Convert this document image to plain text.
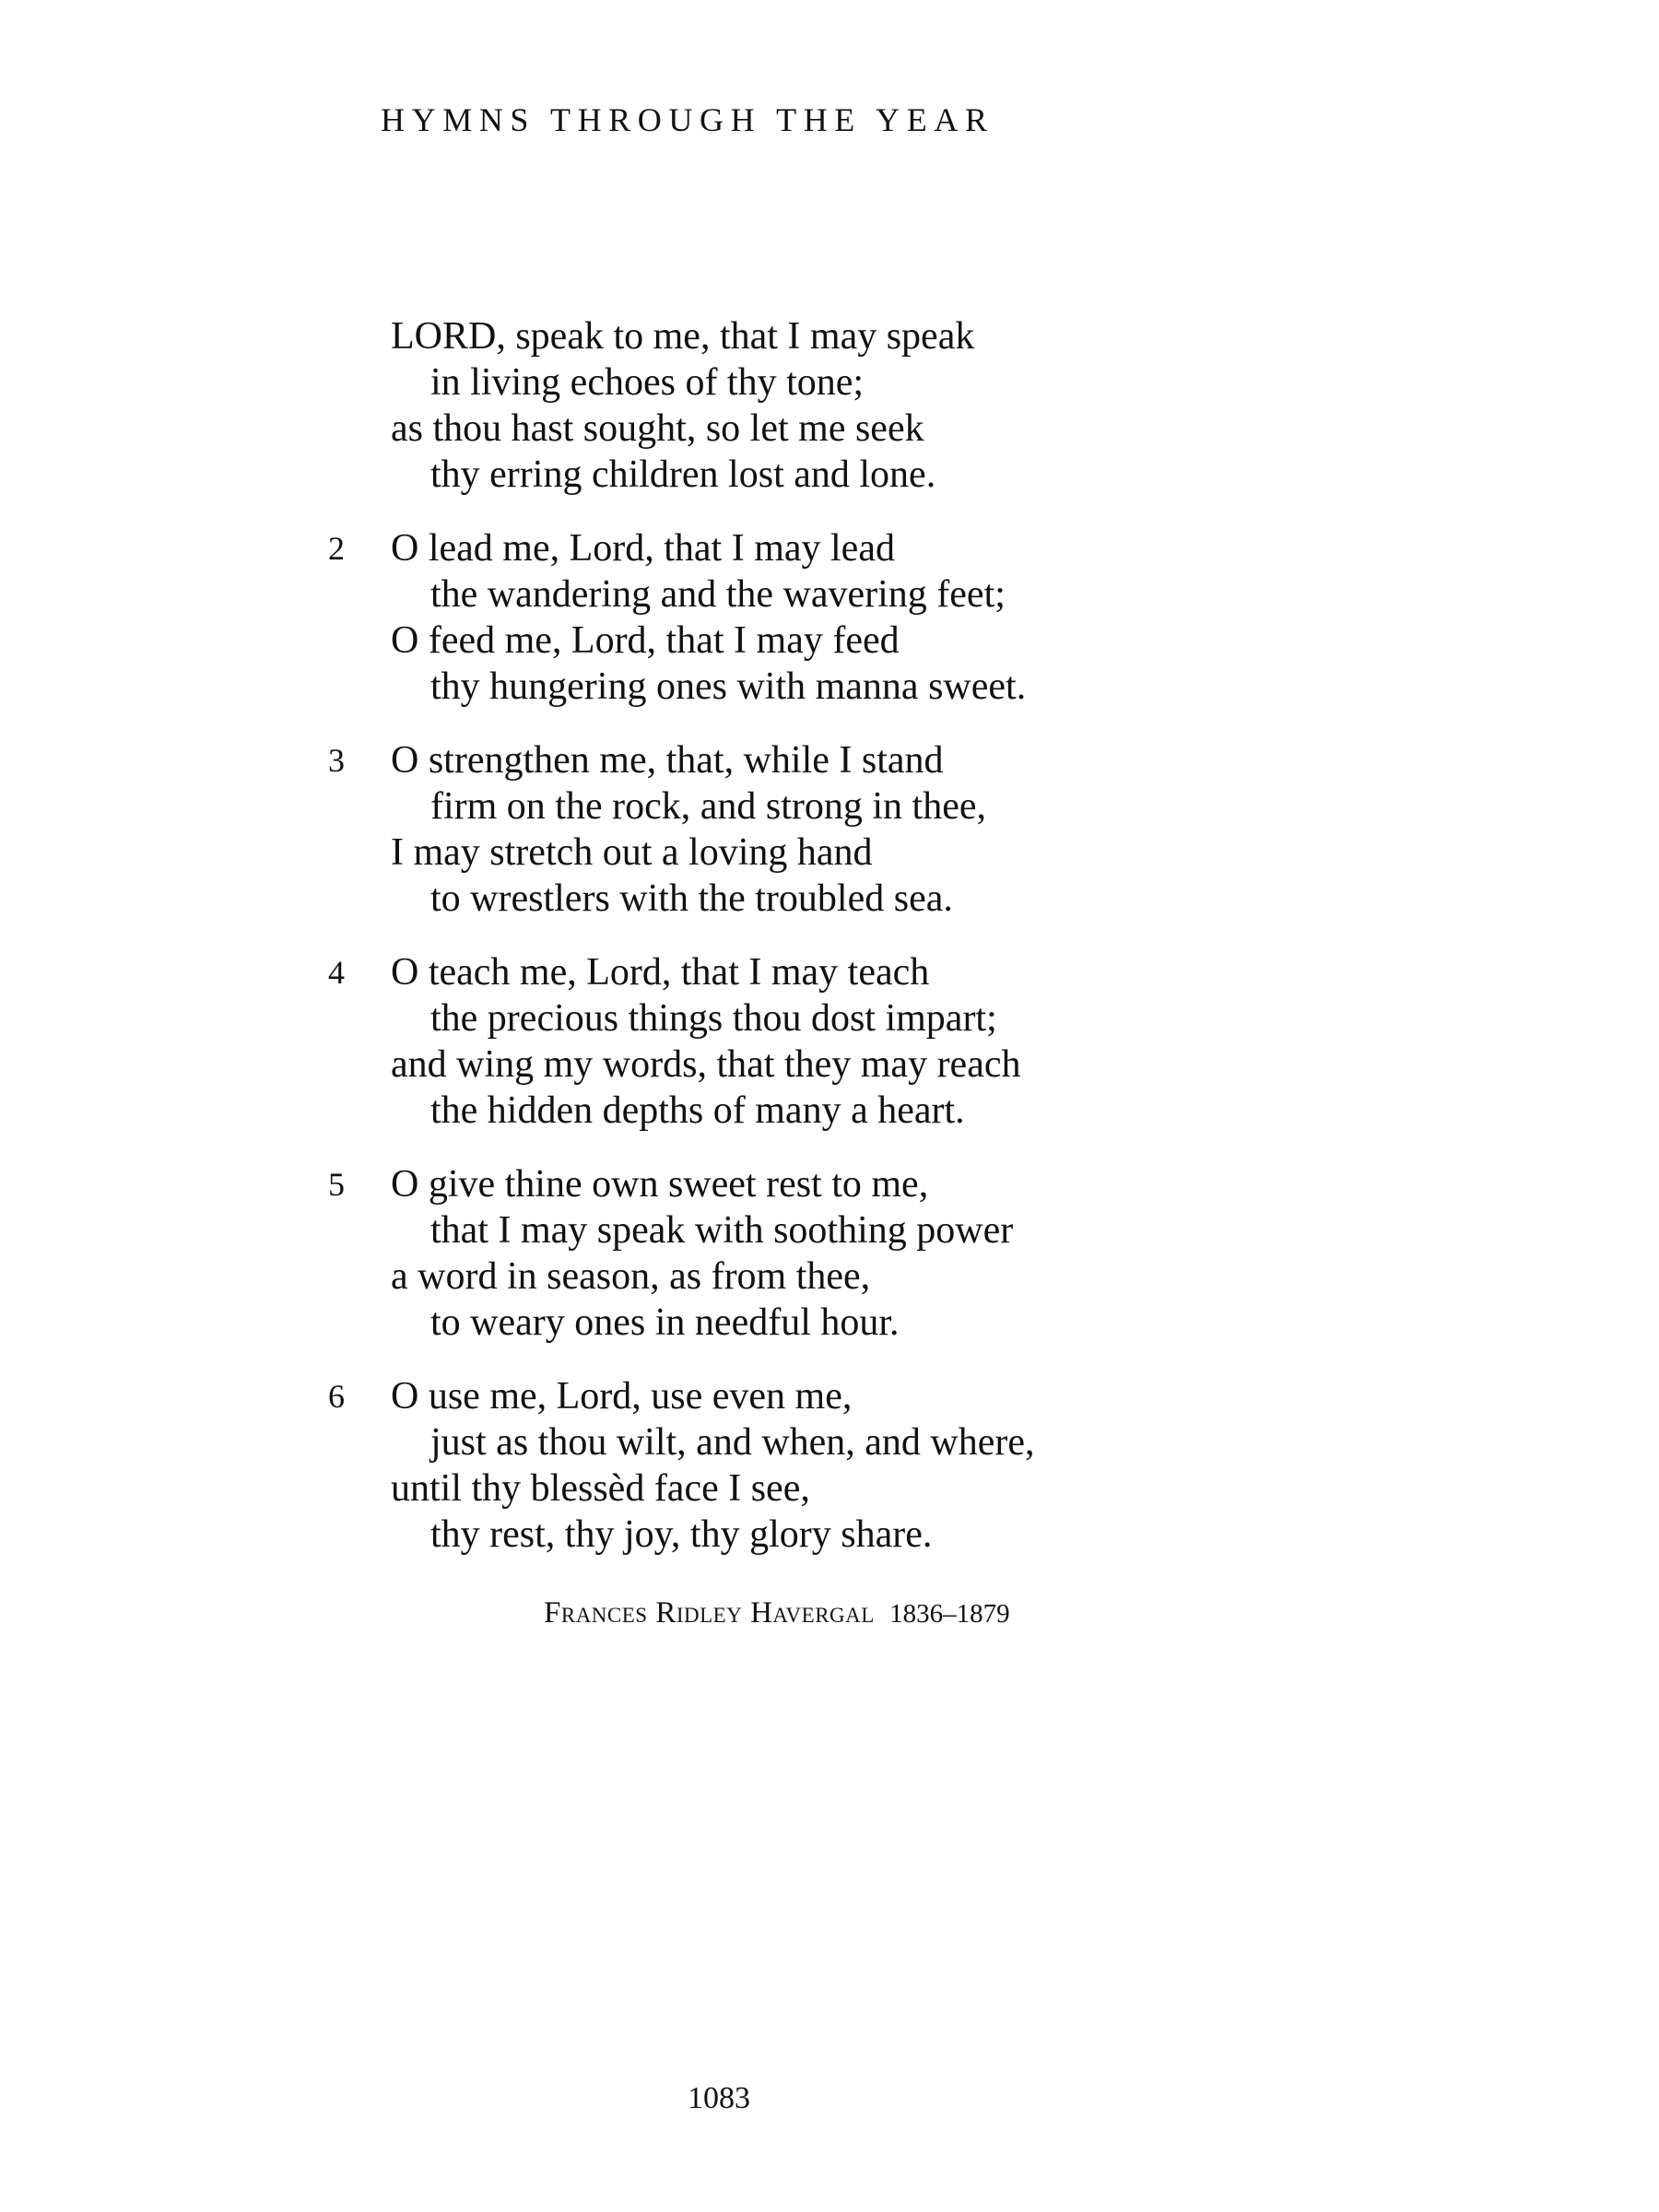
HYMNS THROUGH THE YEAR
LORD, speak to me, that I may speak
in living echoes of thy tone;
as thou hast sought, so let me seek
thy erring children lost and lone.
2 O lead me, Lord, that I may lead
the wandering and the wavering feet;
O feed me, Lord, that I may feed
thy hungering ones with manna sweet.
3 O strengthen me, that, while I stand
firm on the rock, and strong in thee,
I may stretch out a loving hand
to wrestlers with the troubled sea.
4 O teach me, Lord, that I may teach
the precious things thou dost impart;
and wing my words, that they may reach
the hidden depths of many a heart.
5 O give thine own sweet rest to me,
that I may speak with soothing power
a word in season, as from thee,
to weary ones in needful hour.
6 O use me, Lord, use even me,
just as thou wilt, and when, and where,
until thy blessèd face I see,
thy rest, thy joy, thy glory share.
Frances Ridley Havergal 1836–1879
1083
